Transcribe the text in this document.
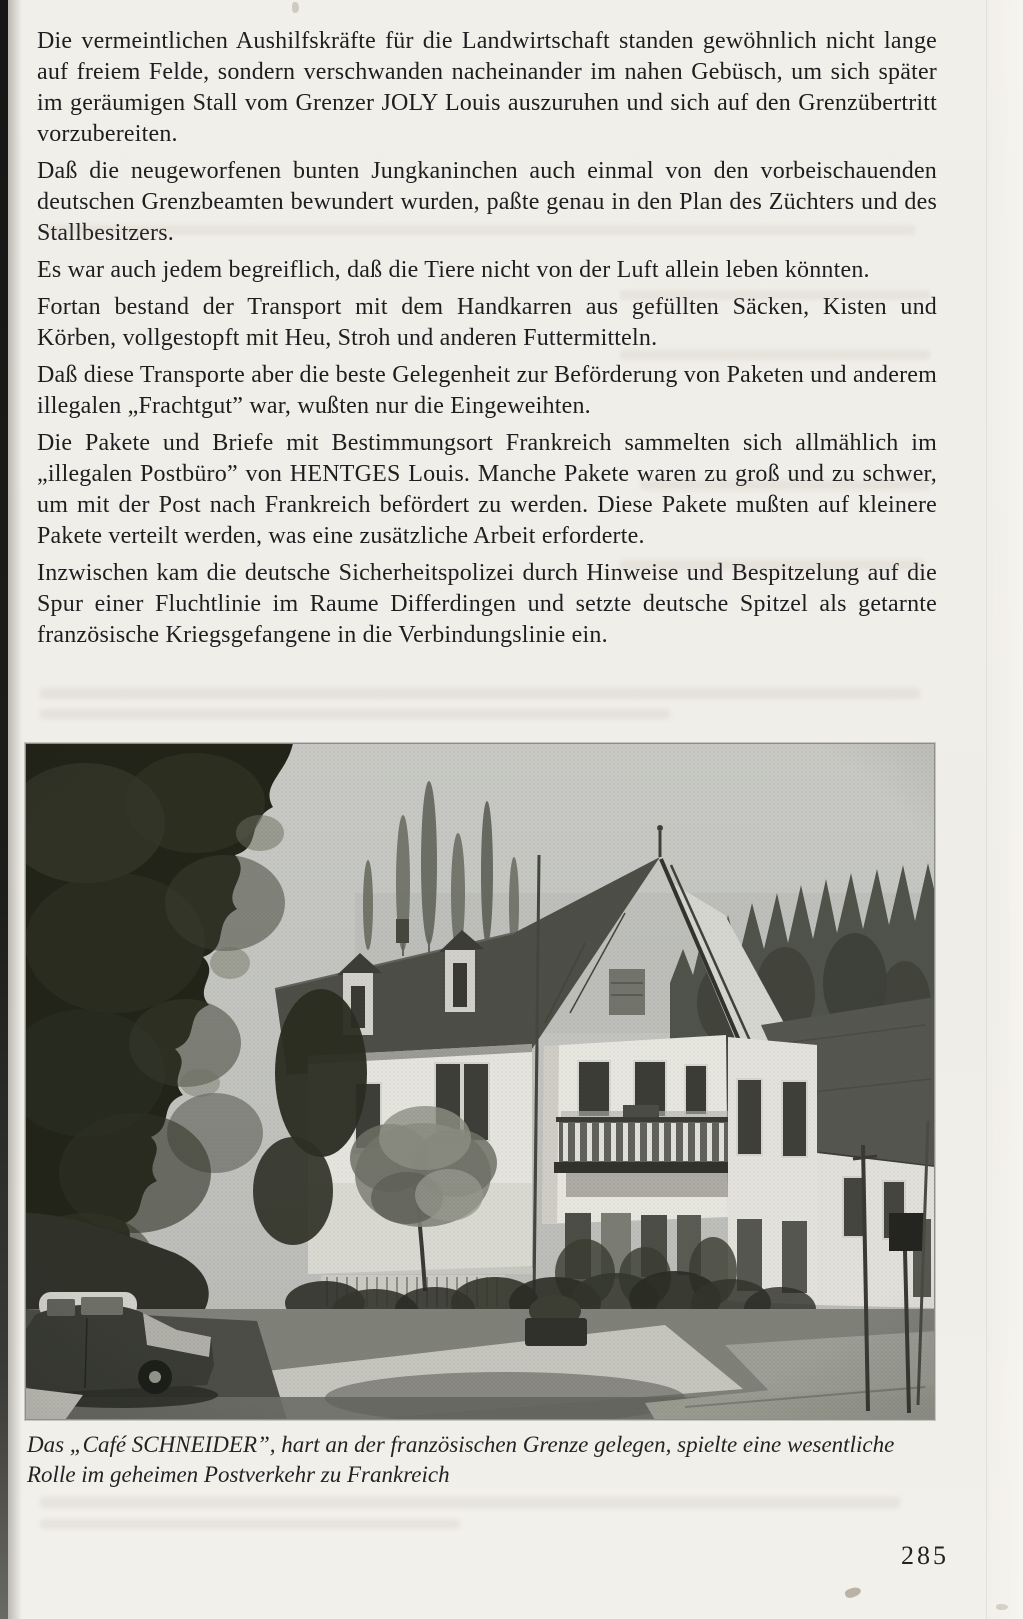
Die vermeintlichen Aushilfskräfte für die Landwirtschaft standen gewöhnlich nicht lange auf freiem Felde, sondern verschwanden nacheinander im nahen Gebüsch, um sich später im geräumigen Stall vom Grenzer JOLY Louis auszuruhen und sich auf den Grenzübertritt vorzubereiten.

Daß die neugeworfenen bunten Jungkaninchen auch einmal von den vorbeischauenden deutschen Grenzbeamten bewundert wurden, paßte genau in den Plan des Züchters und des Stallbesitzers.

Es war auch jedem begreiflich, daß die Tiere nicht von der Luft allein leben könnten.

Fortan bestand der Transport mit dem Handkarren aus gefüllten Säcken, Kisten und Körben, vollgestopft mit Heu, Stroh und anderen Futtermitteln.

Daß diese Transporte aber die beste Gelegenheit zur Beförderung von Paketen und anderem illegalen „Frachtgut” war, wußten nur die Eingeweihten.

Die Pakete und Briefe mit Bestimmungsort Frankreich sammelten sich allmählich im „illegalen Postbüro” von HENTGES Louis. Manche Pakete waren zu groß und zu schwer, um mit der Post nach Frankreich befördert zu werden. Diese Pakete mußten auf kleinere Pakete verteilt werden, was eine zusätzliche Arbeit erforderte.

Inzwischen kam die deutsche Sicherheitspolizei durch Hinweise und Bespitzelung auf die Spur einer Fluchtlinie im Raume Differdingen und setzte deutsche Spitzel als getarnte französische Kriegsgefangene in die Verbindungslinie ein.

Das „Café SCHNEIDER”, hart an der französischen Grenze gelegen, spielte eine wesentliche
Rolle im geheimen Postverkehr zu Frankreich
285
